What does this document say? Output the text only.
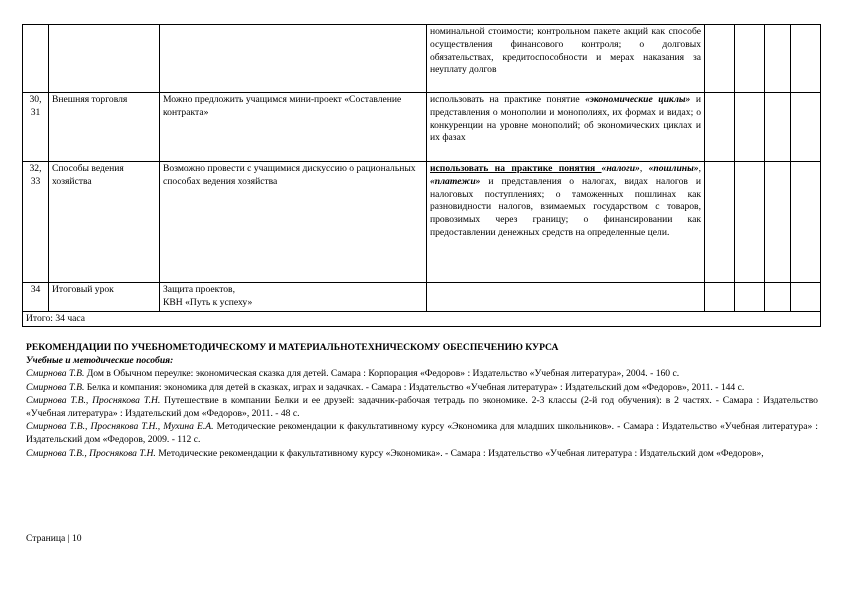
			номинальной стоимости; контрольном пакете акций как способе осуществления финансового контроля; о долговых обязательствах, кредитоспособности и мерах наказания за неуплату долгов				
30, 31	Внешняя торговля	Можно предложить учащимся мини-проект «Составление контракта»	использовать на практике понятие «экономические циклы» и представления о монополии и монополиях, их формах и видах; о конкуренции на уровне монополий; об экономических циклах и их фазах				
32, 33	Способы ведения хозяйства	Возможно провести с учащимися дискуссию о рациональных способах ведения хозяйства	использовать на практике понятия «налоги», «пошлины», «платежи» и представления о налогах, видах налогов и налоговых поступлениях; о таможенных пошлинах как разновидности налогов, взимаемых государством с товаров, провозимых через границу; о финансировании как предоставлении денежных средств на определенные цели.				
34	Итоговый урок	Защита проектов,
КВН «Путь к успеху»					

Итого: 34 часа							

РЕКОМЕНДАЦИИ ПО УЧЕБНОМЕТОДИЧЕСКОМУ И МАТЕРИАЛЬНОТЕХНИЧЕСКОМУ ОБЕСПЕЧЕНИЮ КУРСА

Учебные и методические пособия:

Смирнова Т.В. Дом в Обычном переулке: экономическая сказка для детей. Самара : Корпорация «Федоров» : Издательство «Учебная литература», 2004. - 160 с.

Смирнова Т.В. Белка и компания: экономика для детей в сказках, играх и задачках. - Самара : Издательство «Учебная литература» : Издательский дом «Федоров», 2011. - 144 с.

Смирнова Т.В., Проснякова Т.Н. Путешествие в компании Белки и ее друзей: задачник-рабочая тетрадь по экономике. 2-3 классы (2-й год обучения): в 2 частях. - Самара : Издательство «Учебная литература» : Издательский дом «Федоров», 2011. - 48 с.

Смирнова Т.В., Проснякова Т.Н., Мухина Е.А. Методические рекомендации к факультативному курсу «Экономика для младших школьников». - Самара : Издательство «Учебная литература» : Издательский дом «Федоров, 2009. - 112 с.

Смирнова Т.В., Проснякова Т.Н. Методические рекомендации к факультативному курсу «Экономика». - Самара : Издательство «Учебная литература : Издательский дом «Федоров»,

Страница | 10
